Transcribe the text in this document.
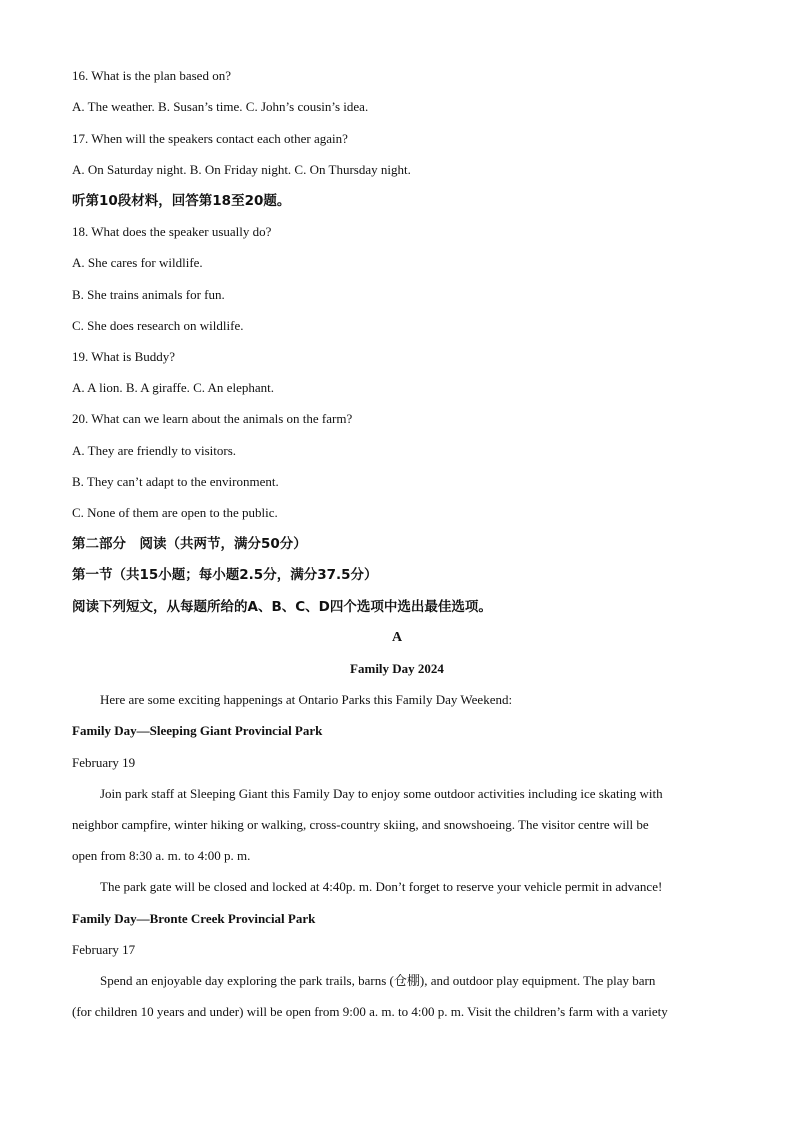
16. What is the plan based on?
A. The weather. B. Susan’s time. C. John’s cousin’s idea.
17. When will the speakers contact each other again?
A. On Saturday night. B. On Friday night. C. On Thursday night.
听第10段材料，回答第18至20题。
18. What does the speaker usually do?
A. She cares for wildlife.
B. She trains animals for fun.
C. She does research on wildlife.
19. What is Buddy?
A. A lion. B. A giraffe. C. An elephant.
20. What can we learn about the animals on the farm?
A. They are friendly to visitors.
B. They can’t adapt to the environment.
C. None of them are open to the public.
第二部分　阅读（共两节，满分50分）
第一节（共15小题；每小题2.5分，满分37.5分）
阅读下列短文，从每题所给的A、B、C、D四个选项中选出最佳选项。
A
Family Day 2024
Here are some exciting happenings at Ontario Parks this Family Day Weekend:
Family Day—Sleeping Giant Provincial Park
February 19
Join park staff at Sleeping Giant this Family Day to enjoy some outdoor activities including ice skating with
neighbor campfire, winter hiking or walking, cross-country skiing, and snowshoeing. The visitor centre will be
open from 8:30 a. m. to 4:00 p. m.
The park gate will be closed and locked at 4:40p. m. Don’t forget to reserve your vehicle permit in advance!
Family Day—Bronte Creek Provincial Park
February 17
Spend an enjoyable day exploring the park trails, barns (仓棚), and outdoor play equipment. The play barn
(for children 10 years and under) will be open from 9:00 a. m. to 4:00 p. m. Visit the children’s farm with a variety
